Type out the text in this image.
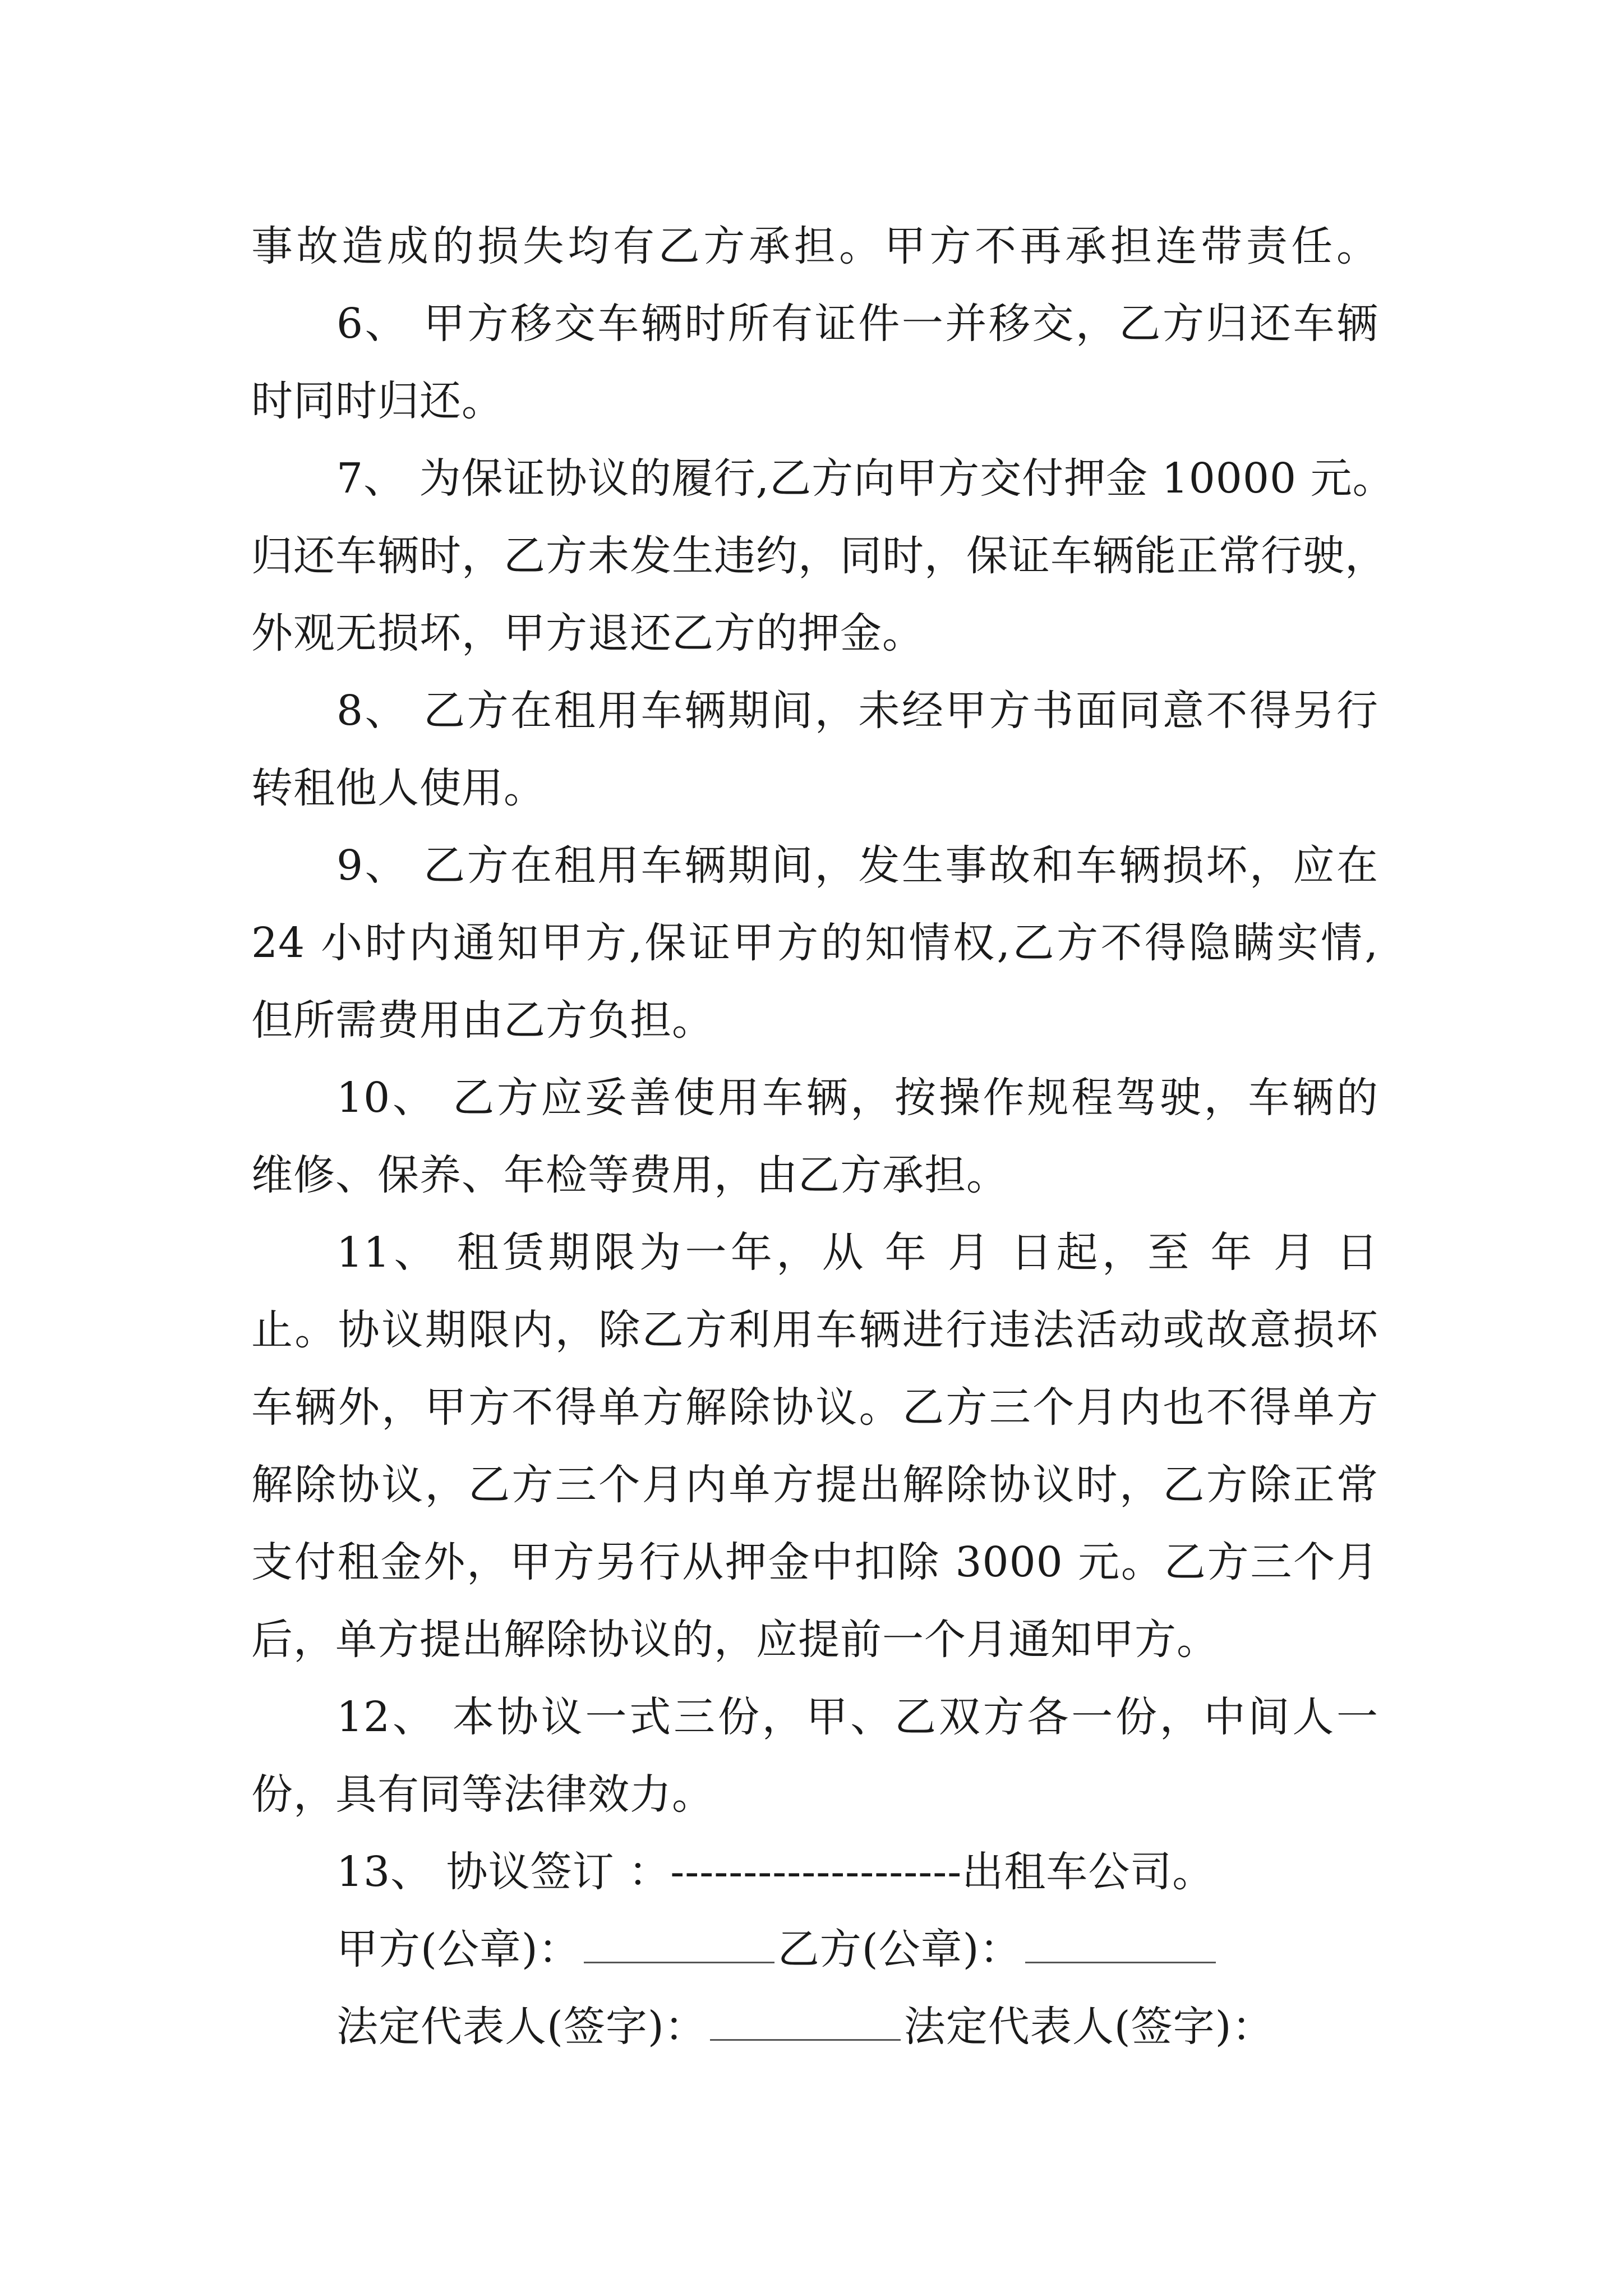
事故造成的损失均有乙方承担。甲方不再承担连带责任。
6、 甲方移交车辆时所有证件一并移交，乙方归还车辆
时同时归还。
7、 为保证协议的履行,乙方向甲方交付押金 10000 元。
归还车辆时，乙方未发生违约，同时，保证车辆能正常行驶，
外观无损坏，甲方退还乙方的押金。
8、 乙方在租用车辆期间，未经甲方书面同意不得另行
转租他人使用。
9、 乙方在租用车辆期间，发生事故和车辆损坏，应在
24 小时内通知甲方,保证甲方的知情权,乙方不得隐瞒实情,
但所需费用由乙方负担。
10、 乙方应妥善使用车辆，按操作规程驾驶，车辆的
维修、保养、年检等费用，由乙方承担。
11、 租赁期限为一年，从 年 月 日起，至 年 月 日
止。协议期限内，除乙方利用车辆进行违法活动或故意损坏
车辆外，甲方不得单方解除协议。乙方三个月内也不得单方
解除协议，乙方三个月内单方提出解除协议时，乙方除正常
支付租金外，甲方另行从押金中扣除 3000 元。乙方三个月
后，单方提出解除协议的，应提前一个月通知甲方。
12、 本协议一式三份，甲、乙双方各一份，中间人一
份，具有同等法律效力。
13、 协议签订 ：--------------------出租车公司。
甲方(公章)：	乙方(公章)：
法定代表人(签字)：	法定代表人(签字)：
